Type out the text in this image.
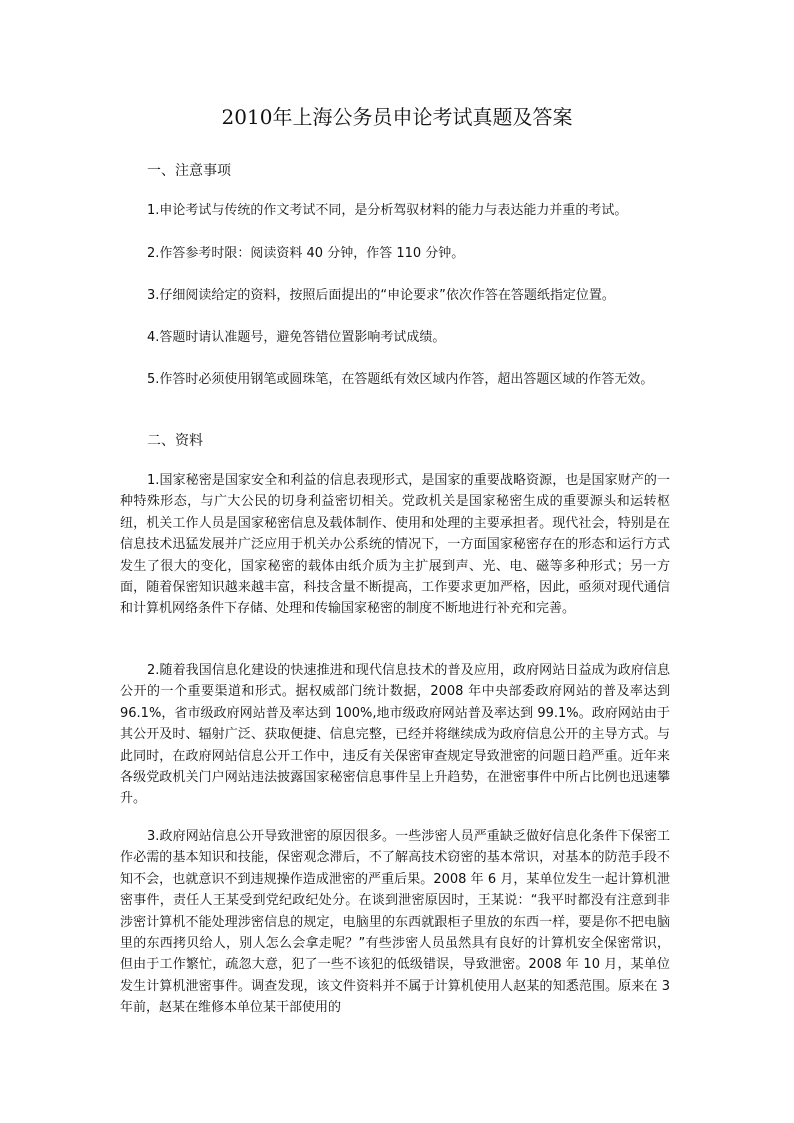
2010年上海公务员申论考试真题及答案
一、注意事项

1.申论考试与传统的作文考试不同，是分析驾驭材料的能力与表达能力并重的考试。

2.作答参考时限：阅读资料 40 分钟，作答 110 分钟。

3.仔细阅读给定的资料，按照后面提出的“申论要求”依次作答在答题纸指定位置。

4.答题时请认准题号，避免答错位置影响考试成绩。

5.作答时必须使用钢笔或圆珠笔，在答题纸有效区域内作答，超出答题区域的作答无效。

二、资料

1.国家秘密是国家安全和利益的信息表现形式，是国家的重要战略资源，也是国家财产的一种特殊形态，与广大公民的切身利益密切相关。党政机关是国家秘密生成的重要源头和运转枢纽，机关工作人员是国家秘密信息及载体制作、使用和处理的主要承担者。现代社会，特别是在信息技术迅猛发展并广泛应用于机关办公系统的情况下，一方面国家秘密存在的形态和运行方式发生了很大的变化，国家秘密的载体由纸介质为主扩展到声、光、电、磁等多种形式；另一方面，随着保密知识越来越丰富，科技含量不断提高，工作要求更加严格，因此，亟须对现代通信和计算机网络条件下存储、处理和传输国家秘密的制度不断地进行补充和完善。

2.随着我国信息化建设的快速推进和现代信息技术的普及应用，政府网站日益成为政府信息公开的一个重要渠道和形式。据权威部门统计数据，2008 年中央部委政府网站的普及率达到 96.1%，省市级政府网站普及率达到 100%,地市级政府网站普及率达到 99.1%。政府网站由于其公开及时、辐射广泛、获取便捷、信息完整，已经并将继续成为政府信息公开的主导方式。与此同时，在政府网站信息公开工作中，违反有关保密审查规定导致泄密的问题日趋严重。近年来各级党政机关门户网站违法披露国家秘密信息事件呈上升趋势，在泄密事件中所占比例也迅速攀升。

3.政府网站信息公开导致泄密的原因很多。一些涉密人员严重缺乏做好信息化条件下保密工作必需的基本知识和技能，保密观念滞后，不了解高技术窃密的基本常识，对基本的防范手段不知不会，也就意识不到违规操作造成泄密的严重后果。2008 年 6 月，某单位发生一起计算机泄密事件，责任人王某受到党纪政纪处分。在谈到泄密原因时，王某说：“我平时都没有注意到非涉密计算机不能处理涉密信息的规定，电脑里的东西就跟柜子里放的东西一样，要是你不把电脑里的东西拷贝给人，别人怎么会拿走呢？”有些涉密人员虽然具有良好的计算机安全保密常识，但由于工作繁忙，疏忽大意，犯了一些不该犯的低级错误，导致泄密。2008 年 10 月，某单位发生计算机泄密事件。调查发现，该文件资料并不属于计算机使用人赵某的知悉范围。原来在 3 年前，赵某在维修本单位某干部使用的
